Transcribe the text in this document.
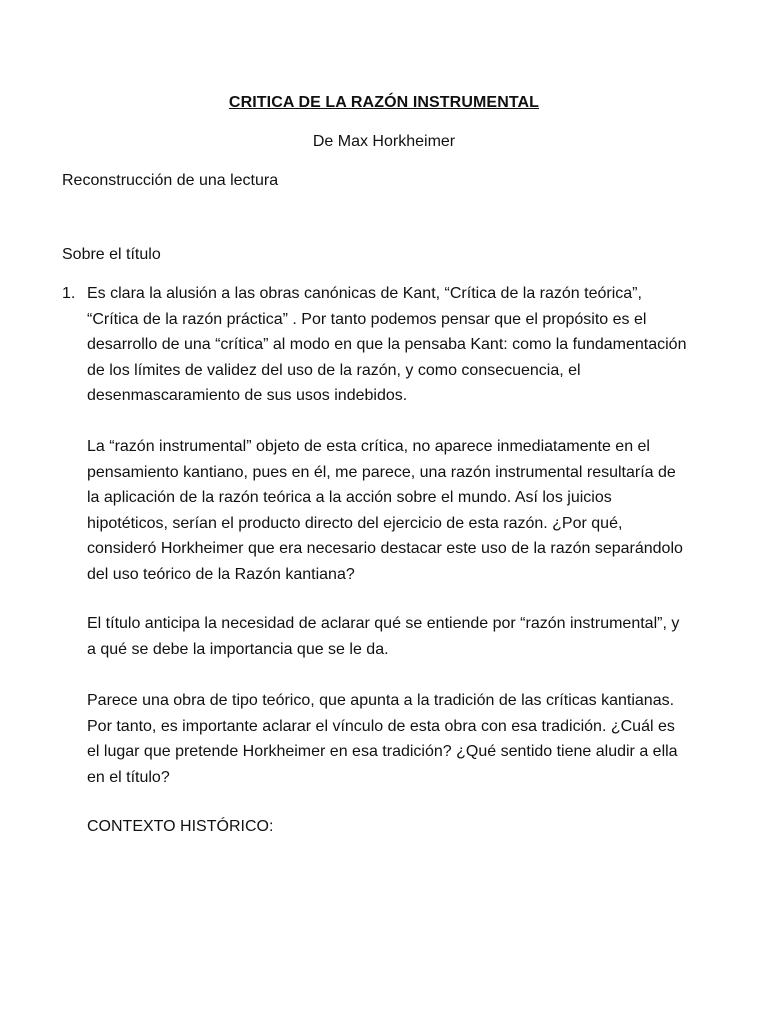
CRITICA DE LA RAZÓN INSTRUMENTAL
De Max Horkheimer
Reconstrucción de una lectura
Sobre el título
1. Es clara la alusión a las obras canónicas de Kant, “Crítica de la razón teórica”, “Crítica de la razón práctica” . Por tanto podemos pensar que el propósito es el desarrollo de una “crítica” al modo en que la pensaba Kant: como la fundamentación de los límites de validez del uso de la razón, y como consecuencia, el desenmascaramiento de sus usos indebidos.

La “razón instrumental” objeto de esta crítica, no aparece inmediatamente en el pensamiento kantiano, pues en él, me parece, una razón instrumental resultaría de la aplicación de la razón teórica a la acción sobre el mundo. Así los juicios hipotéticos, serían el producto directo del ejercicio de esta razón. ¿Por qué, consideró Horkheimer que era necesario destacar este uso de la razón separándolo del uso teórico de la Razón kantiana?

El título anticipa la necesidad de aclarar qué se entiende por “razón instrumental”, y a qué se debe la importancia que se le da.

Parece una obra de tipo teórico, que apunta a la tradición de las críticas kantianas. Por tanto, es importante aclarar el vínculo de esta obra con esa tradición. ¿Cuál es el lugar que pretende Horkheimer en esa tradición? ¿Qué sentido tiene aludir a ella en el título?

CONTEXTO HISTÓRICO:
